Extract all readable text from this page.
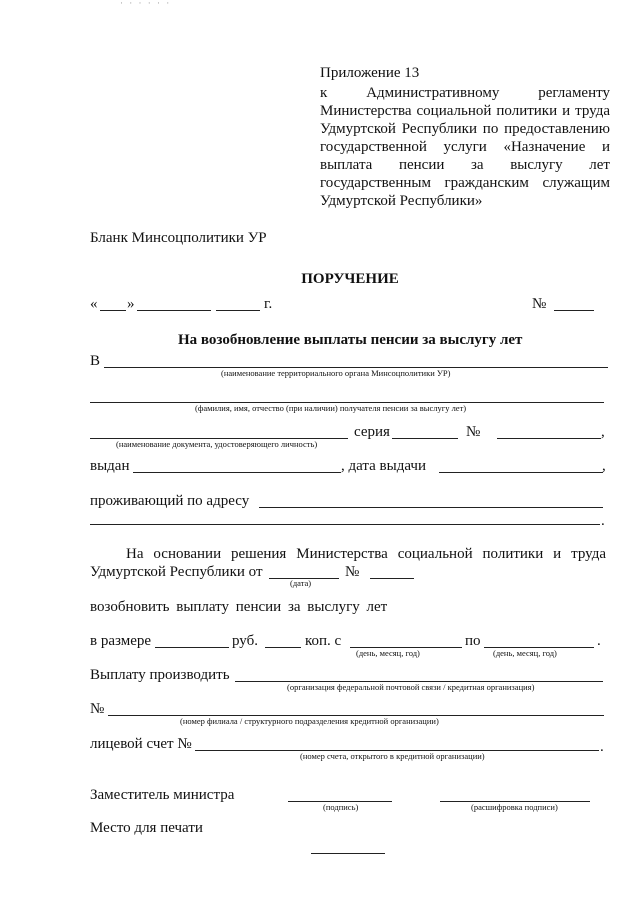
· · · · · ·
Приложение 13
к	Административному	регламенту
Министерства социальной политики и труда
Удмуртской Республики по предоставлению
государственной услуги «Назначение и
выплата пенсии за выслугу лет
государственным гражданским служащим
Удмуртской Республики»
Бланк Минсоцполитики УР
ПОРУЧЕНИЕ
« »	г.	№
На возобновление выплаты пенсии за выслугу лет
В
(наименование территориального органа Минсоцполитики УР)
(фамилия, имя, отчество (при наличии) получателя пенсии за выслугу лет)
серия	№	,
(наименование документа, удостоверяющего личность)
выдан	, дата выдачи	,
проживающий по адресу
.
На основании решения Министерства социальной политики и труда
Удмуртской Республики от	№
(дата)
возобновить выплату пенсии за выслугу лет
в размере	руб.	коп. с	по	.
(день, месяц, год)	(день, месяц, год)
Выплату производить
(организация федеральной почтовой связи / кредитная организация)
№
(номер филиала / структурного подразделения кредитной организации)
лицевой счет №	.
(номер счета, открытого в кредитной организации)
Заместитель министра
(подпись)	(расшифровка подписи)
Место для печати
